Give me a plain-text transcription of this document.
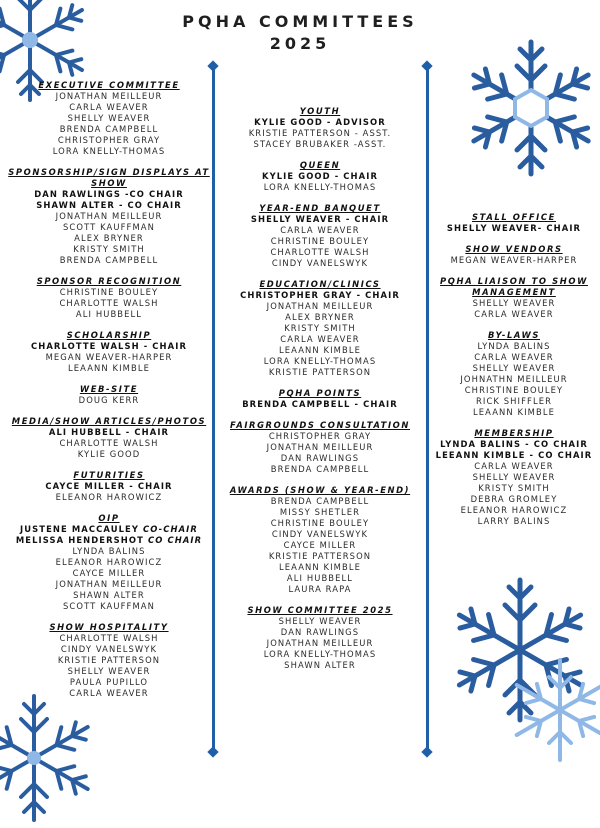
PQHA COMMITTEES
2025
EXECUTIVE COMMITTEE
JONATHAN MEILLEUR
CARLA WEAVER
SHELLY WEAVER
BRENDA CAMPBELL
CHRISTOPHER GRAY
LORA KNELLY-THOMAS
SPONSORSHIP/SIGN DISPLAYS AT
SHOW
DAN RAWLINGS -CO CHAIR
SHAWN ALTER - CO CHAIR
JONATHAN MEILLEUR
SCOTT KAUFFMAN
ALEX BRYNER
KRISTY SMITH
BRENDA CAMPBELL
SPONSOR RECOGNITION
CHRISTINE BOULEY
CHARLOTTE WALSH
ALI HUBBELL
SCHOLARSHIP
CHARLOTTE WALSH - CHAIR
MEGAN WEAVER-HARPER
LEAANN KIMBLE
WEB-SITE
DOUG KERR
MEDIA/SHOW ARTICLES/PHOTOS
ALI HUBBELL - CHAIR
CHARLOTTE WALSH
KYLIE GOOD
FUTURITIES
CAYCE MILLER - CHAIR
ELEANOR HAROWICZ
OIP
JUSTENE MACCAULEY CO-CHAIR
MELISSA HENDERSHOT CO CHAIR
LYNDA BALINS
ELEANOR HAROWICZ
CAYCE MILLER
JONATHAN MEILLEUR
SHAWN ALTER
SCOTT KAUFFMAN
SHOW HOSPITALITY
CHARLOTTE WALSH
CINDY VANELSWYK
KRISTIE PATTERSON
SHELLY WEAVER
PAULA PUPILLO
CARLA WEAVER
YOUTH
KYLIE GOOD - ADVISOR
KRISTIE PATTERSON - ASST.
STACEY BRUBAKER -ASST.
QUEEN
KYLIE GOOD - CHAIR
LORA KNELLY-THOMAS
YEAR-END BANQUET
SHELLY WEAVER - CHAIR
CARLA WEAVER
CHRISTINE BOULEY
CHARLOTTE WALSH
CINDY VANELSWYK
EDUCATION/CLINICS
CHRISTOPHER GRAY - CHAIR
JONATHAN MEILLEUR
ALEX BRYNER
KRISTY SMITH
CARLA WEAVER
LEAANN KIMBLE
LORA KNELLY-THOMAS
KRISTIE PATTERSON
PQHA POINTS
BRENDA CAMPBELL - CHAIR
FAIRGROUNDS CONSULTATION
CHRISTOPHER GRAY
JONATHAN MEILLEUR
DAN RAWLINGS
BRENDA CAMPBELL
AWARDS (SHOW & YEAR-END)
BRENDA CAMPBELL
MISSY SHETLER
CHRISTINE BOULEY
CINDY VANELSWYK
CAYCE MILLER
KRISTIE PATTERSON
LEAANN KIMBLE
ALI HUBBELL
LAURA RAPA
SHOW COMMITTEE 2025
SHELLY WEAVER
DAN RAWLINGS
JONATHAN MEILLEUR
LORA KNELLY-THOMAS
SHAWN ALTER
STALL OFFICE
SHELLY WEAVER- CHAIR
SHOW VENDORS
MEGAN WEAVER-HARPER
PQHA LIAISON TO SHOW
MANAGEMENT
SHELLY WEAVER
CARLA WEAVER
BY-LAWS
LYNDA BALINS
CARLA WEAVER
SHELLY WEAVER
JOHNATHN MEILLEUR
CHRISTINE BOULEY
RICK SHIFFLER
LEAANN KIMBLE
MEMBERSHIP
LYNDA BALINS - CO CHAIR
LEEANN KIMBLE - CO CHAIR
CARLA WEAVER
SHELLY WEAVER
KRISTY SMITH
DEBRA GROMLEY
ELEANOR HAROWICZ
LARRY BALINS
